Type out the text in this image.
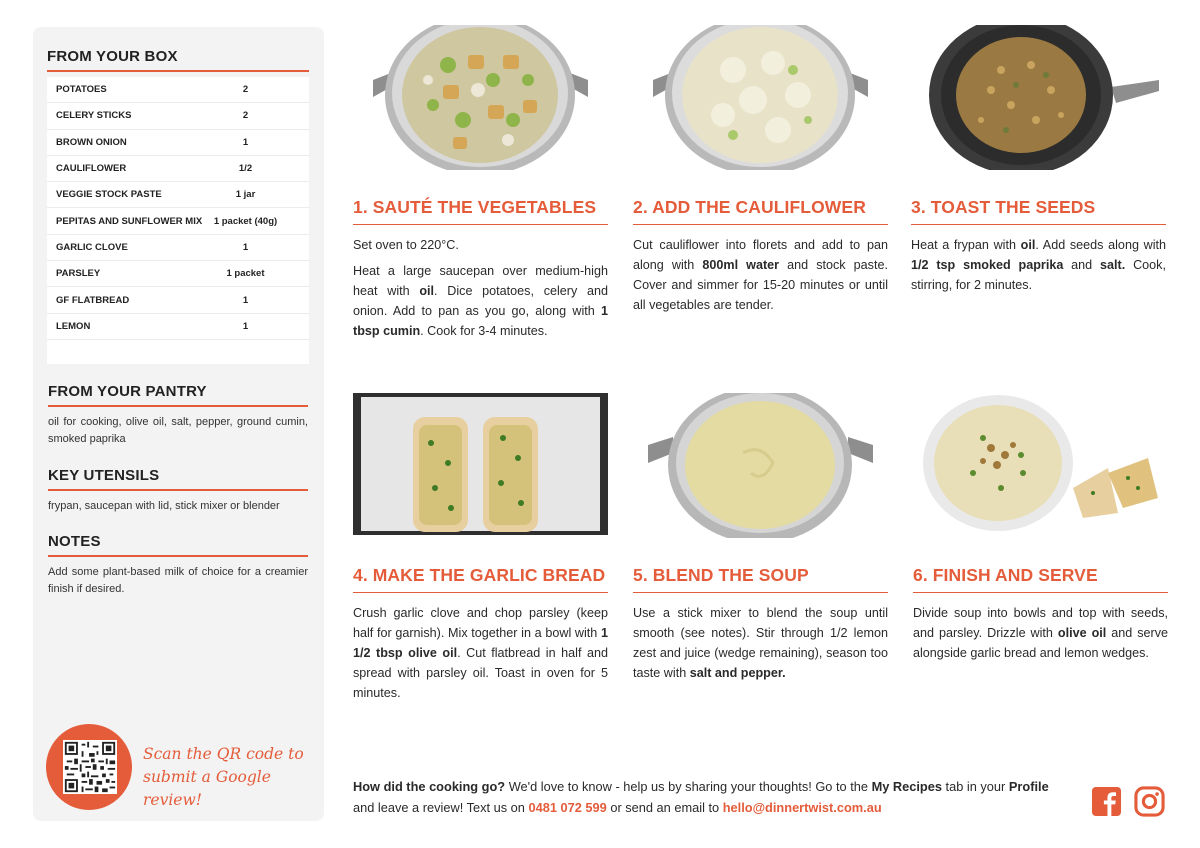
FROM YOUR BOX
POTATOES	2
CELERY STICKS	2
BROWN ONION	1
CAULIFLOWER	1/2
VEGGIE STOCK PASTE	1 jar
PEPITAS AND SUNFLOWER MIX	1 packet (40g)
GARLIC CLOVE	1
PARSLEY	1 packet
GF FLATBREAD	1
LEMON	1
FROM YOUR PANTRY
oil for cooking, olive oil, salt, pepper, ground cumin, smoked paprika
KEY UTENSILS
frypan, saucepan with lid, stick mixer or blender
NOTES
Add some plant-based milk of choice for a creamier finish if desired.
Scan the QR code to submit a Google review!
1. SAUTÉ THE VEGETABLES

Set oven to 220°C.

Heat a large saucepan over medium-high heat with oil. Dice potatoes, celery and onion. Add to pan as you go, along with 1 tbsp cumin. Cook for 3-4 minutes.

2. ADD THE CAULIFLOWER

Cut cauliflower into florets and add to pan along with 800ml water and stock paste. Cover and simmer for 15-20 minutes or until all vegetables are tender.

3. TOAST THE SEEDS

Heat a frypan with oil. Add seeds along with 1/2 tsp smoked paprika and salt. Cook, stirring, for 2 minutes.

4. MAKE THE GARLIC BREAD

Crush garlic clove and chop parsley (keep half for garnish). Mix together in a bowl with 1 1/2 tbsp olive oil. Cut flatbread in half and spread with parsley oil. Toast in oven for 5 minutes.

5. BLEND THE SOUP

Use a stick mixer to blend the soup until smooth (see notes). Stir through 1/2 lemon zest and juice (wedge remaining), season too taste with salt and pepper.

6. FINISH AND SERVE

Divide soup into bowls and top with seeds, and parsley. Drizzle with olive oil and serve alongside garlic bread and lemon wedges.

How did the cooking go? We'd love to know - help us by sharing your thoughts! Go to the My Recipes tab in your Profile and leave a review! Text us on 0481 072 599 or send an email to hello@dinnertwist.com.au
